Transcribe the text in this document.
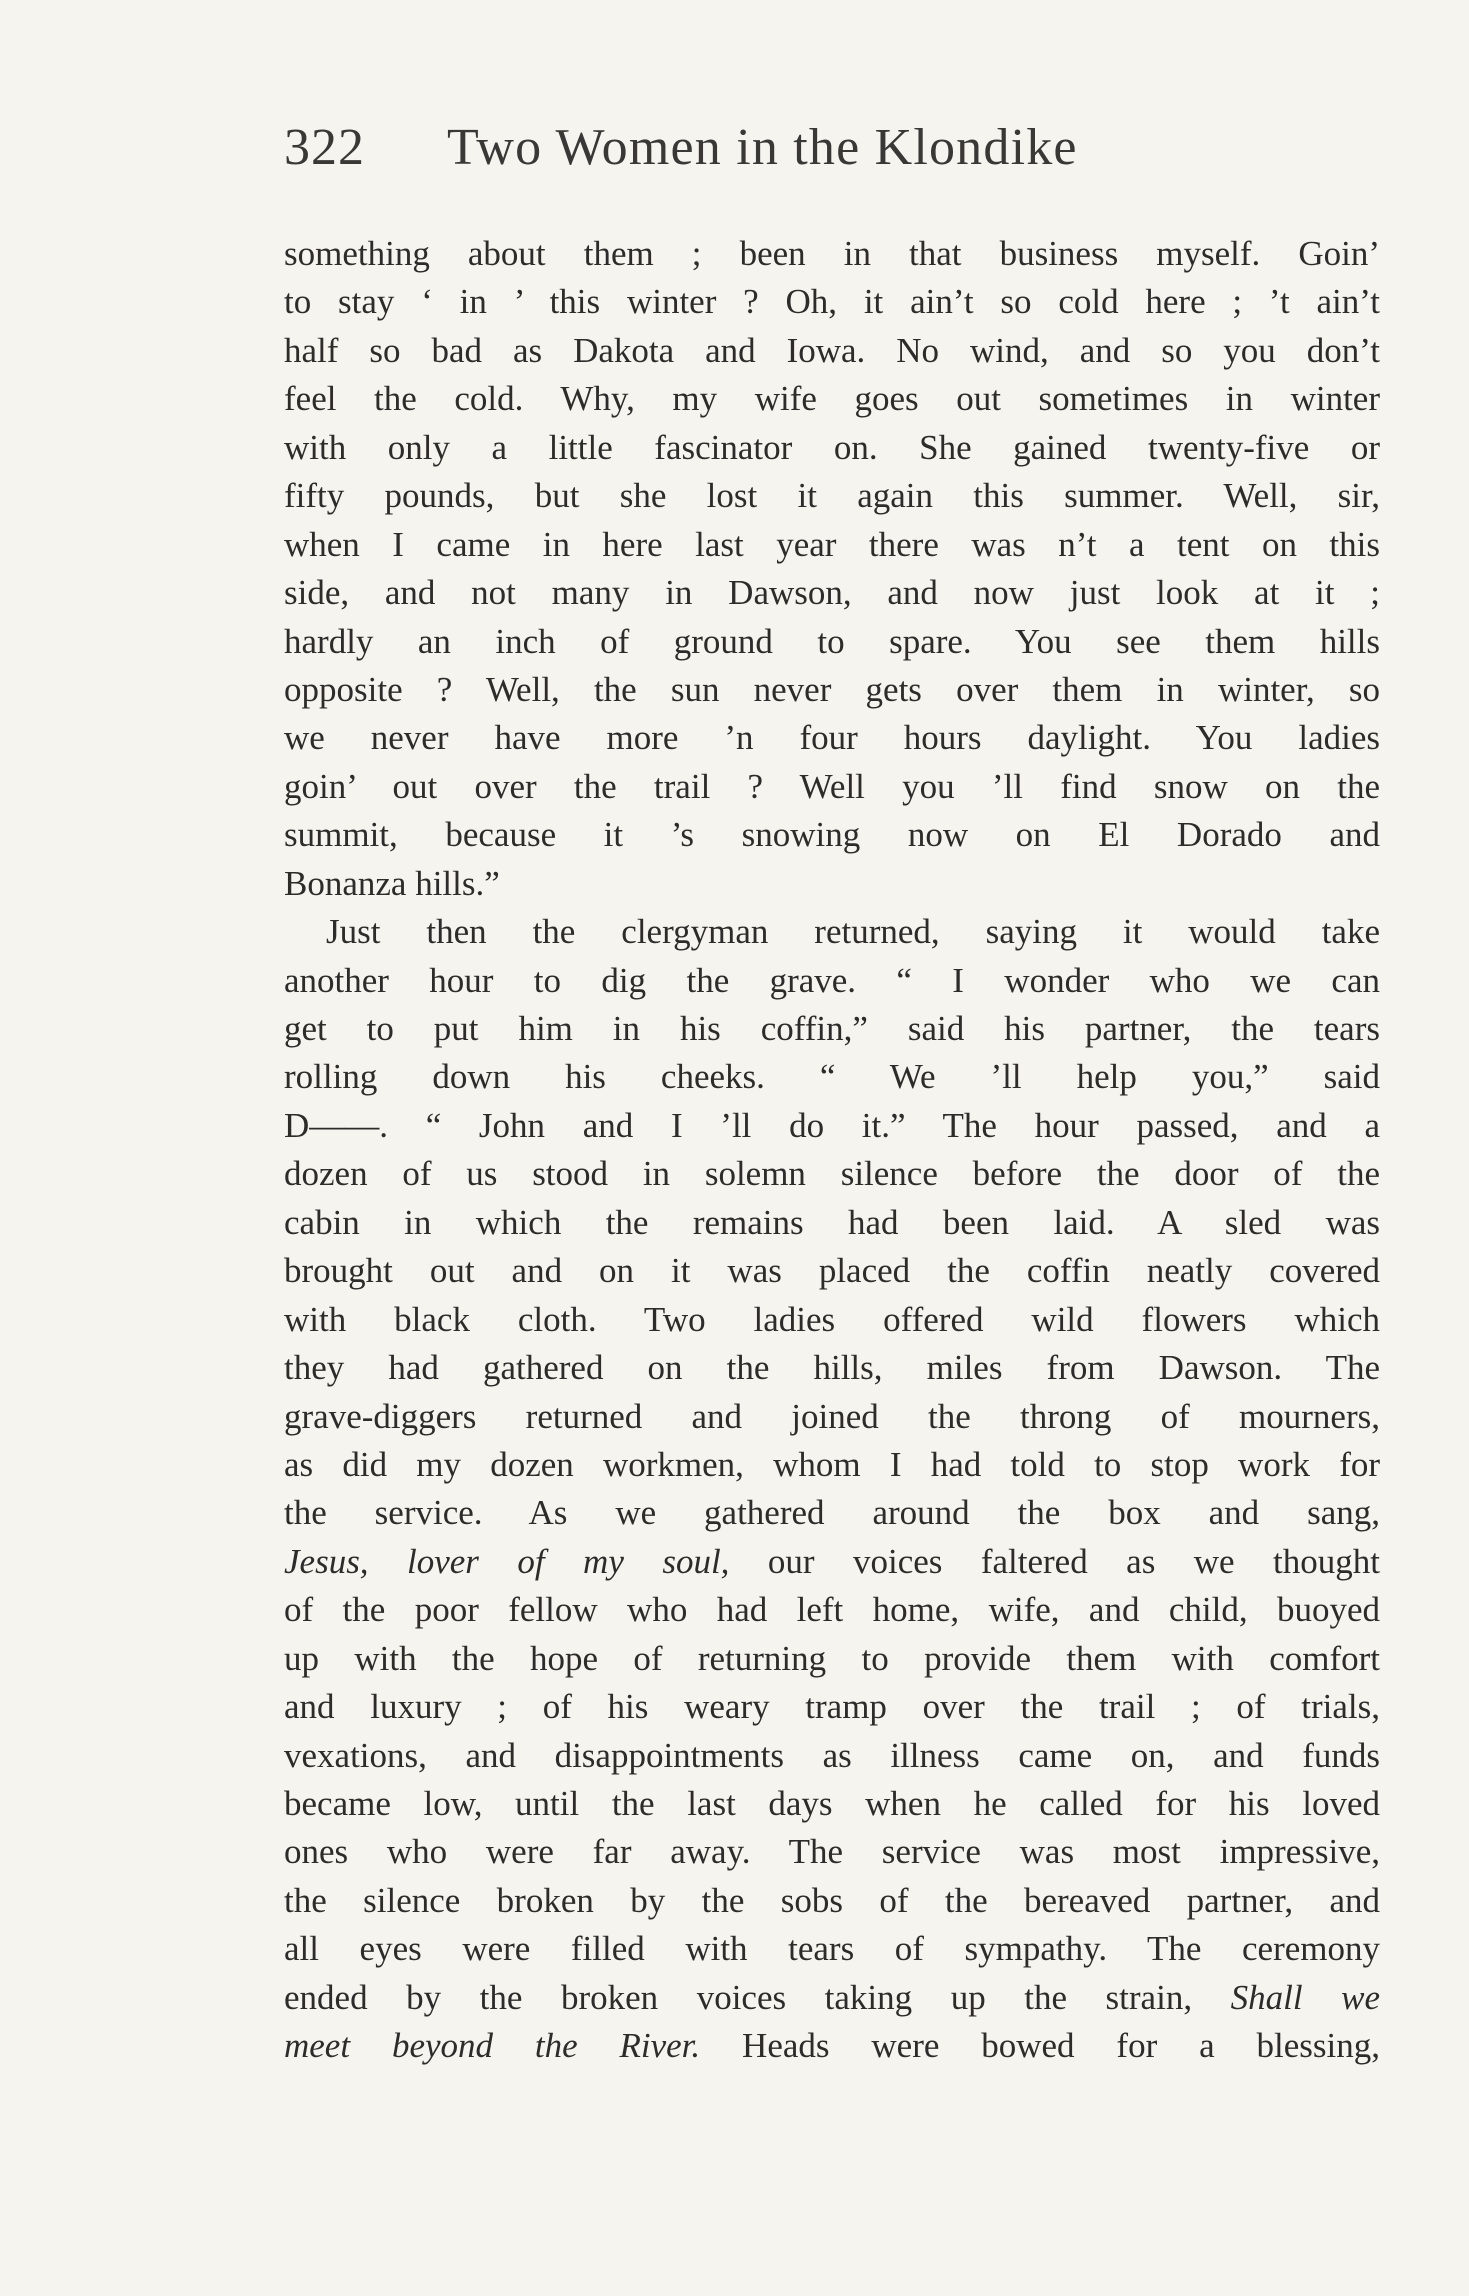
322 Two Women in the Klondike
something about them ; been in that business myself. Goin’
to stay ‘ in ’ this winter ? Oh, it ain’t so cold here ; ’t ain’t
half so bad as Dakota and Iowa. No wind, and so you don’t
feel the cold. Why, my wife goes out sometimes in winter
with only a little fascinator on. She gained twenty-five or
fifty pounds, but she lost it again this summer. Well, sir,
when I came in here last year there was n’t a tent on this
side, and not many in Dawson, and now just look at it ;
hardly an inch of ground to spare. You see them hills
opposite ? Well, the sun never gets over them in winter, so
we never have more ’n four hours daylight. You ladies
goin’ out over the trail ? Well you ’ll find snow on the
summit, because it ’s snowing now on El Dorado and
Bonanza hills.”
Just then the clergyman returned, saying it would take
another hour to dig the grave. “ I wonder who we can
get to put him in his coffin,” said his partner, the tears
rolling down his cheeks. “ We ’ll help you,” said
D——. “ John and I ’ll do it.” The hour passed, and a
dozen of us stood in solemn silence before the door of the
cabin in which the remains had been laid. A sled was
brought out and on it was placed the coffin neatly covered
with black cloth. Two ladies offered wild flowers which
they had gathered on the hills, miles from Dawson. The
grave-diggers returned and joined the throng of mourners,
as did my dozen workmen, whom I had told to stop work for
the service. As we gathered around the box and sang,
Jesus, lover of my soul, our voices faltered as we thought
of the poor fellow who had left home, wife, and child, buoyed
up with the hope of returning to provide them with comfort
and luxury ; of his weary tramp over the trail ; of trials,
vexations, and disappointments as illness came on, and funds
became low, until the last days when he called for his loved
ones who were far away. The service was most impressive,
the silence broken by the sobs of the bereaved partner, and
all eyes were filled with tears of sympathy. The ceremony
ended by the broken voices taking up the strain, Shall we
meet beyond the River. Heads were bowed for a blessing,
